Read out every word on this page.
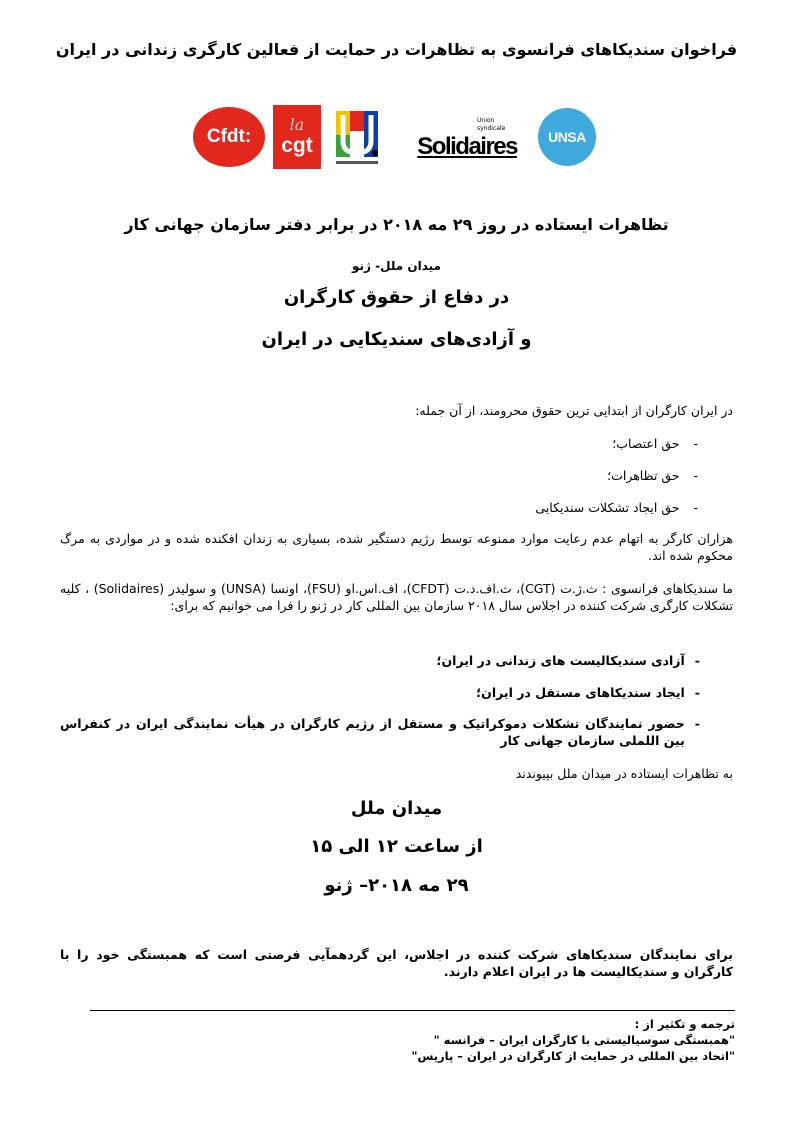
فراخوان سندیکاهای فرانسوی به تظاهرات در حمایت از فعالین کارگری زندانی در ایران
Cfdt:
la
cgt
Union syndicale
Solidaires UNSA
تظاهرات ایستاده در روز ۲۹ مه ۲۰۱۸ در برابر دفتر سازمان جهانی کار
میدان ملل- ژنو
در دفاع از حقوق کارگران
و آزادی‌های سندیکایی در ایران

در ایران کارگران از ابتدایی ترین حقوق محرومند، از آن جمله:

-حق اعتصاب؛
-حق تظاهرات؛
-حق ایجاد تشکلات سندیکایی

هزاران کارگر به اتهام عدم رعایت موارد ممنوعه توسط رژیم دستگیر شده، بسیاری به زندان افکنده شده و در مواردی به مرگ محکوم شده اند.

ما سندیکاهای فرانسوی : ث.ژ.ت (CGT)، ث.اف.د.ت (CFDT)، اف.اس.او (FSU)، اونسا (UNSA) و سولیدر (Solidaires) ، کلیه تشکلات کارگری شرکت کننده در اجلاس سال ۲۰۱۸ سازمان بین المللی کار در ژنو را فرا می خوانیم که برای:

-آزادی سندیکالیست های زندانی در ایران؛
-ایجاد سندیکاهای مستقل در ایران؛
-
حضور نمایندگان تشکلات دموکراتیک و مستقل از رژیم کارگران در هیأت نمایندگی ایران در کنفراس بین اللملی سازمان جهانی کار

به تظاهرات ایستاده در میدان ملل بپیوندند

میدان ملل
از ساعت ۱۲ الی ۱۵
۲۹ مه ۲۰۱۸– ژنو

برای نمایندگان سندیکاهای شرکت کننده در اجلاس، این گردهمآیی فرصتی است که همبستگی خود را با کارگران و سندیکالیست ها در ایران اعلام دارند.

ترجمه و تکثیر از :
"همبستگی سوسیالیستی با کارگران ایران – فرانسه "
"اتحاد بین المللی در حمایت از کارگران در ایران – پاریس"
